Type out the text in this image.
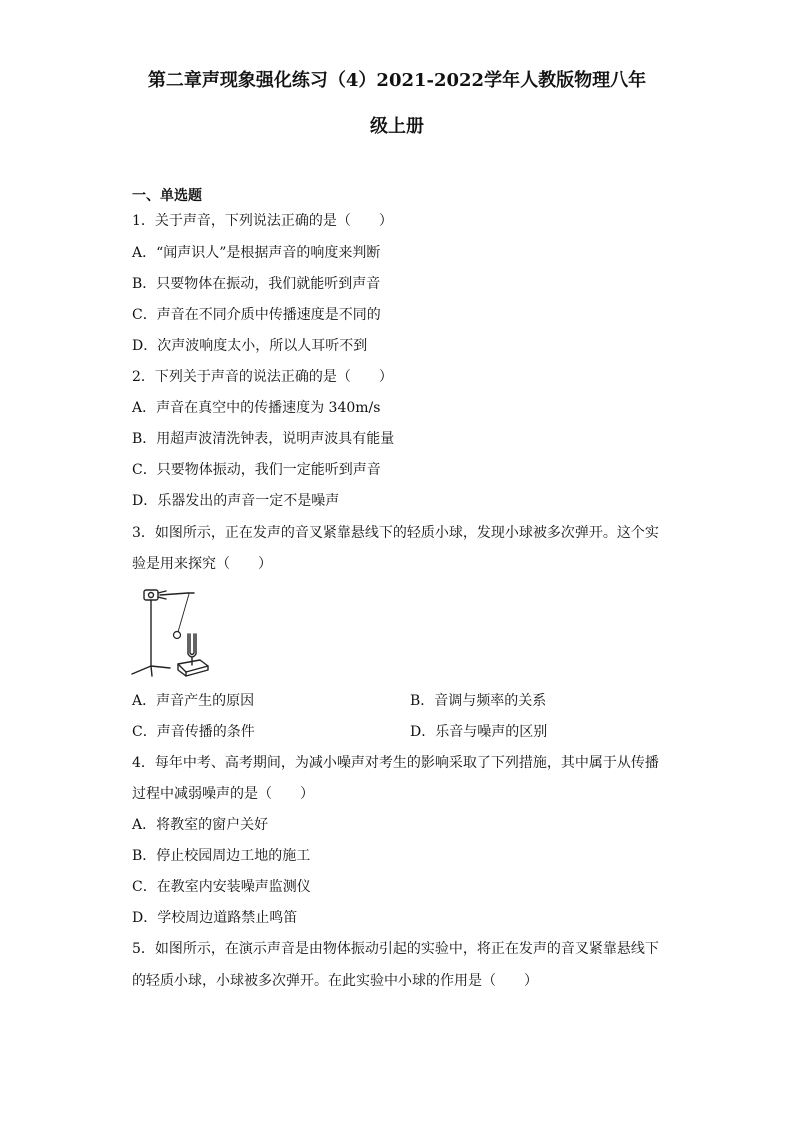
第二章声现象强化练习（4）2021-2022学年人教版物理八年
级上册
一、单选题
1．关于声音，下列说法正确的是（　　）
A．“闻声识人”是根据声音的响度来判断
B．只要物体在振动，我们就能听到声音
C．声音在不同介质中传播速度是不同的
D．次声波响度太小，所以人耳听不到
2．下列关于声音的说法正确的是（　　）
A．声音在真空中的传播速度为 340m/s
B．用超声波清洗钟表，说明声波具有能量
C．只要物体振动，我们一定能听到声音
D．乐器发出的声音一定不是噪声
3．如图所示，正在发声的音叉紧靠悬线下的轻质小球，发现小球被多次弹开。这个实
验是用来探究（　　）
A．声音产生的原因	B．音调与频率的关系
C．声音传播的条件	D．乐音与噪声的区别
4．每年中考、高考期间，为减小噪声对考生的影响采取了下列措施，其中属于从传播
过程中减弱噪声的是（　　）
A．将教室的窗户关好
B．停止校园周边工地的施工
C．在教室内安装噪声监测仪
D．学校周边道路禁止鸣笛
5．如图所示，在演示声音是由物体振动引起的实验中，将正在发声的音叉紧靠悬线下
的轻质小球，小球被多次弹开。在此实验中小球的作用是（　　）
